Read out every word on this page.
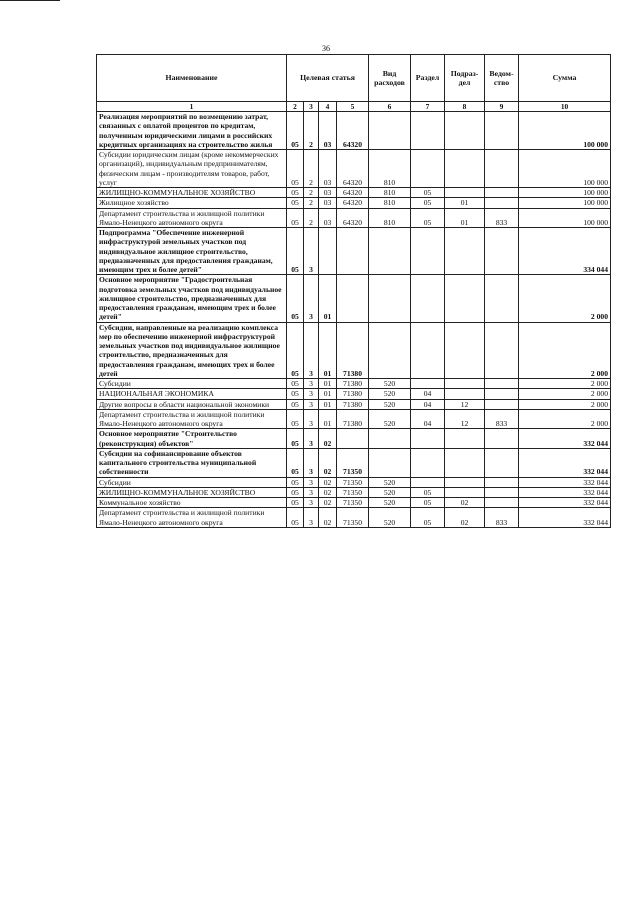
36
Наименование	Целевая статья				Вид расходов	Раздел	Подраз-дел	Ведом-ство	Сумма
1	2	3	4	5	6	7	8	9	10
Реализация мероприятий по возмещению затрат, связанных с оплатой процентов по кредитам, полученным юридическими лицами в российских кредитных организациях на строительство жилья	05	2	03	64320					100 000
Субсидии юридическим лицам (кроме некоммерческих организаций), индивидуальным предпринимателям, физическим лицам - производителям товаров, работ, услуг	05	2	03	64320	810				100 000
ЖИЛИЩНО-КОММУНАЛЬНОЕ ХОЗЯЙСТВО	05	2	03	64320	810	05			100 000
Жилищное хозяйство	05	2	03	64320	810	05	01		100 000
Департамент строительства и жилищной политики Ямало-Ненецкого автономного округа	05	2	03	64320	810	05	01	833	100 000
Подпрограмма "Обеспечение инженерной инфраструктурой земельных участков под индивидуальное жилищное строительство, предназначенных для предоставления гражданам, имеющим трех и более детей"	05	3							334 044
Основное мероприятие "Градостроительная подготовка земельных участков под индивидуальное жилищное строительство, предназначенных для предоставления гражданам, имеющим трех и более детей"	05	3	01						2 000
Субсидии, направленные на реализацию комплекса мер по обеспечению инженерной инфраструктурой земельных участков под индивидуальное жилищное строительство, предназначенных для предоставления гражданам, имеющих трех и более детей	05	3	01	71380					2 000
Субсидии	05	3	01	71380	520				2 000
НАЦИОНАЛЬНАЯ ЭКОНОМИКА	05	3	01	71380	520	04			2 000
Другие вопросы в области национальной экономики	05	3	01	71380	520	04	12		2 000
Департамент строительства и жилищной политики Ямало-Ненецкого автономного округа	05	3	01	71380	520	04	12	833	2 000
Основное мероприятие "Строительство (реконструкция) объектов"	05	3	02						332 044
Субсидии на софинансирование объектов капитального строительства муниципальной собственности	05	3	02	71350					332 044
Субсидии	05	3	02	71350	520				332 044
ЖИЛИЩНО-КОММУНАЛЬНОЕ ХОЗЯЙСТВО	05	3	02	71350	520	05			332 044
Коммунальное хозяйство	05	3	02	71350	520	05	02		332 044
Департамент строительства и жилищной политики Ямало-Ненецкого автономного округа	05	3	02	71350	520	05	02	833	332 044
